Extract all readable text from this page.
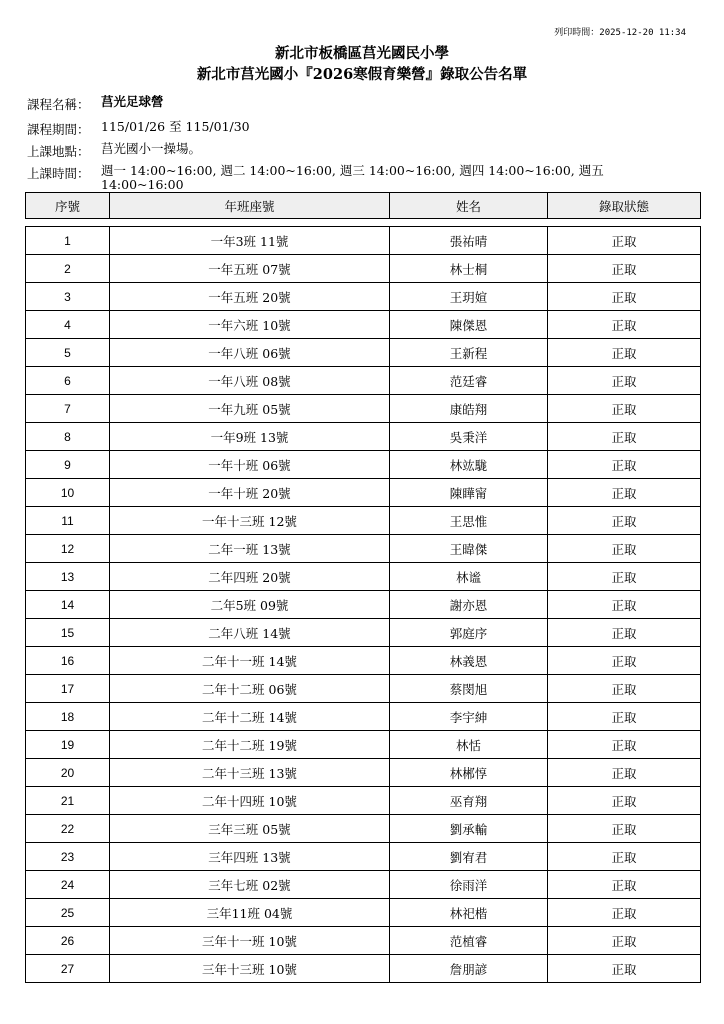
列印時間：2025-12-20 11:34
新北市板橋區莒光國民小學
新北市莒光國小『2026寒假育樂營』錄取公告名單
課程名稱： 莒光足球營
課程期間： 115/01/26 至 115/01/30
上課地點： 莒光國小一操場。
上課時間： 週一 14:00~16:00, 週二 14:00~16:00, 週三 14:00~16:00, 週四 14:00~16:00, 週五 14:00~16:00
序號	年班座號	姓名	錄取狀態
1	一年3班 11號	張祐晴	正取
2	一年五班 07號	林士桐	正取
3	一年五班 20號	王玥媗	正取
4	一年六班 10號	陳傑恩	正取
5	一年八班 06號	王新程	正取
6	一年八班 08號	范廷睿	正取
7	一年九班 05號	康皓翔	正取
8	一年9班 13號	吳秉洋	正取
9	一年十班 06號	林竑駹	正取
10	一年十班 20號	陳瞱甯	正取
11	一年十三班 12號	王思惟	正取
12	二年一班 13號	王暐傑	正取
13	二年四班 20號	林谧	正取
14	二年5班 09號	謝亦恩	正取
15	二年八班 14號	郭庭序	正取
16	二年十一班 14號	林義恩	正取
17	二年十二班 06號	蔡閔旭	正取
18	二年十二班 14號	李宇紳	正取
19	二年十二班 19號	林恬	正取
20	二年十三班 13號	林郴惇	正取
21	二年十四班 10號	巫育翔	正取
22	三年三班 05號	劉承輸	正取
23	三年四班 13號	劉宥君	正取
24	三年七班 02號	徐雨洋	正取
25	三年11班 04號	林祀楷	正取
26	三年十一班 10號	范植睿	正取
27	三年十三班 10號	詹朋諺	正取
